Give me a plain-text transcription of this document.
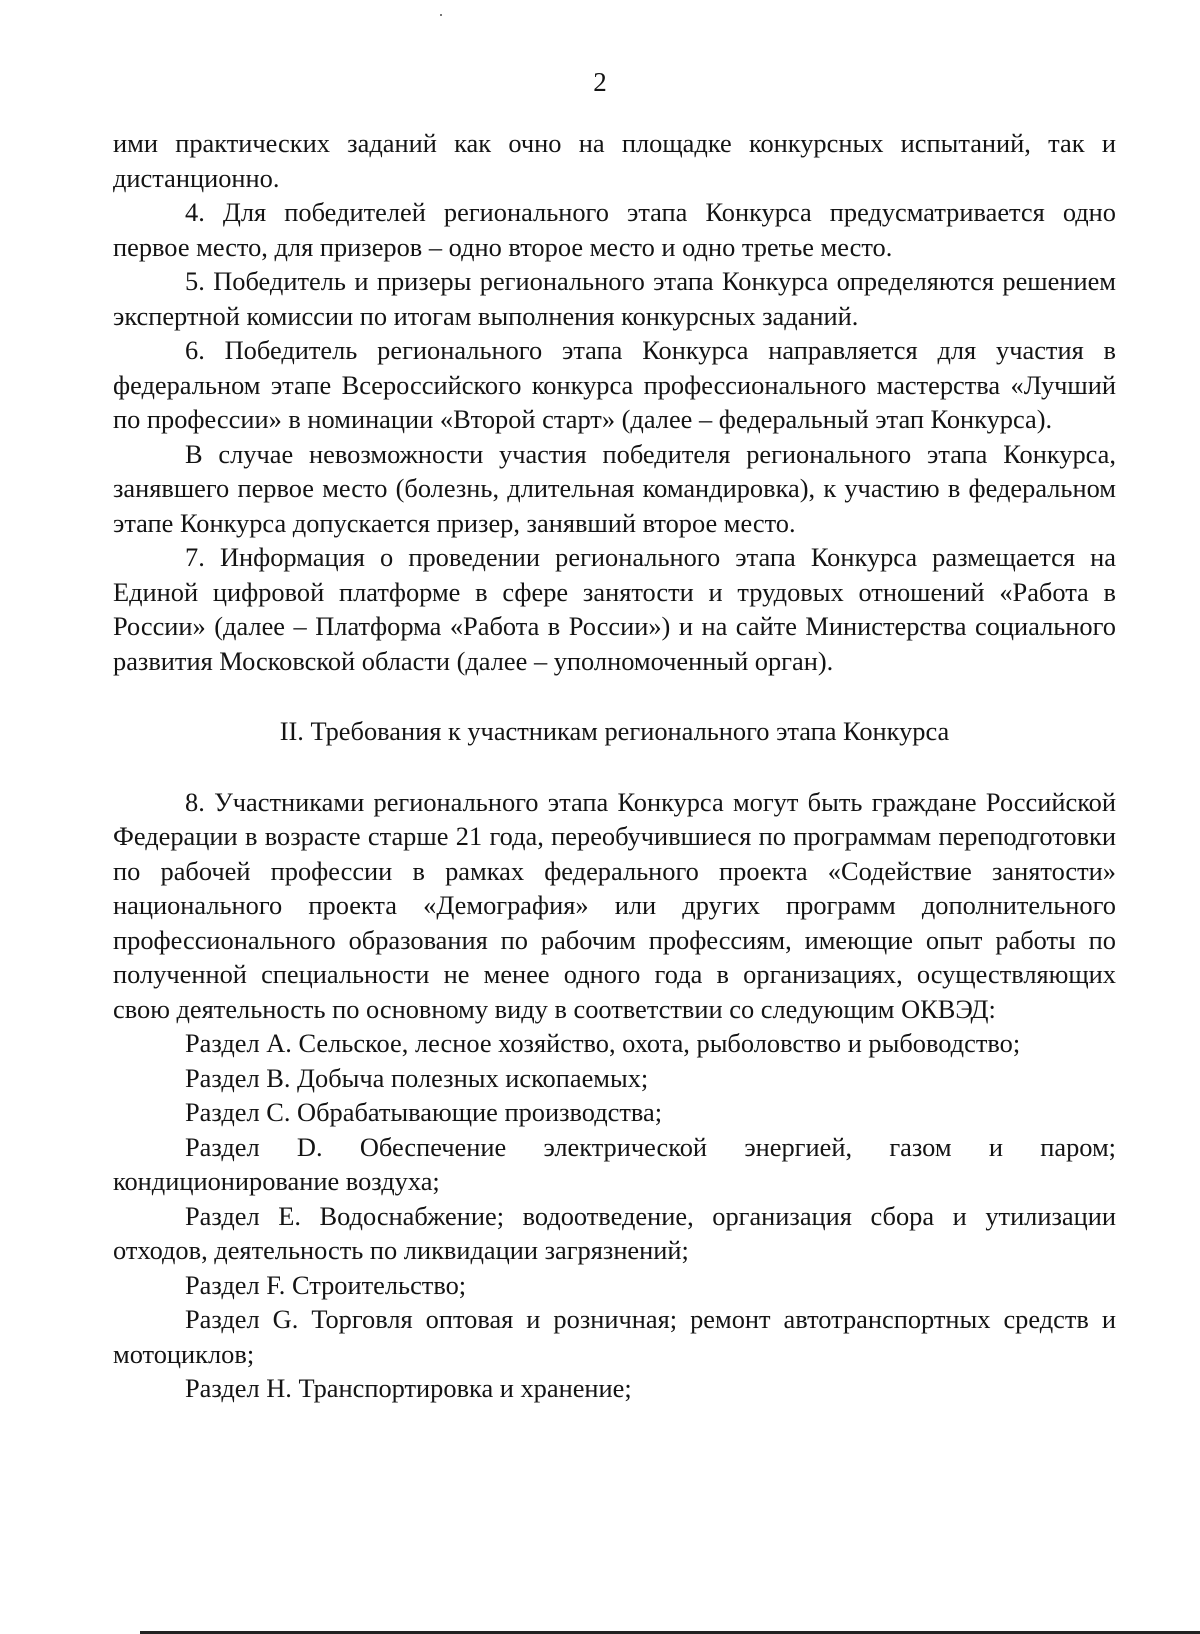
2

ими практических заданий как очно на площадке конкурсных испытаний, так и дистанционно.

4. Для победителей регионального этапа Конкурса предусматривается одно первое место, для призеров – одно второе место и одно третье место.

5. Победитель и призеры регионального этапа Конкурса определяются решением экспертной комиссии по итогам выполнения конкурсных заданий.

6. Победитель регионального этапа Конкурса направляется для участия в федеральном этапе Всероссийского конкурса профессионального мастерства «Лучший по профессии» в номинации «Второй старт» (далее – федеральный этап Конкурса).

В случае невозможности участия победителя регионального этапа Конкурса, занявшего первое место (болезнь, длительная командировка), к участию в федеральном этапе Конкурса допускается призер, занявший второе место.

7. Информация о проведении регионального этапа Конкурса размещается на Единой цифровой платформе в сфере занятости и трудовых отношений «Работа в России» (далее – Платформа «Работа в России») и на сайте Министерства социального развития Московской области (далее – уполномоченный орган).

II. Требования к участникам регионального этапа Конкурса

8. Участниками регионального этапа Конкурса могут быть граждане Российской Федерации в возрасте старше 21 года, переобучившиеся по программам переподготовки по рабочей профессии в рамках федерального проекта «Содействие занятости» национального проекта «Демография» или других программ дополнительного профессионального образования по рабочим профессиям, имеющие опыт работы по полученной специальности не менее одного года в организациях, осуществляющих свою деятельность по основному виду в соответствии со следующим ОКВЭД:

Раздел A. Сельское, лесное хозяйство, охота, рыболовство и рыбоводство;

Раздел B. Добыча полезных ископаемых;

Раздел C. Обрабатывающие производства;

Раздел D. Обеспечение электрической энергией, газом и паром; кондиционирование воздуха;

Раздел E. Водоснабжение; водоотведение, организация сбора и утилизации отходов, деятельность по ликвидации загрязнений;

Раздел F. Строительство;

Раздел G. Торговля оптовая и розничная; ремонт автотранспортных средств и мотоциклов;

Раздел H. Транспортировка и хранение;
